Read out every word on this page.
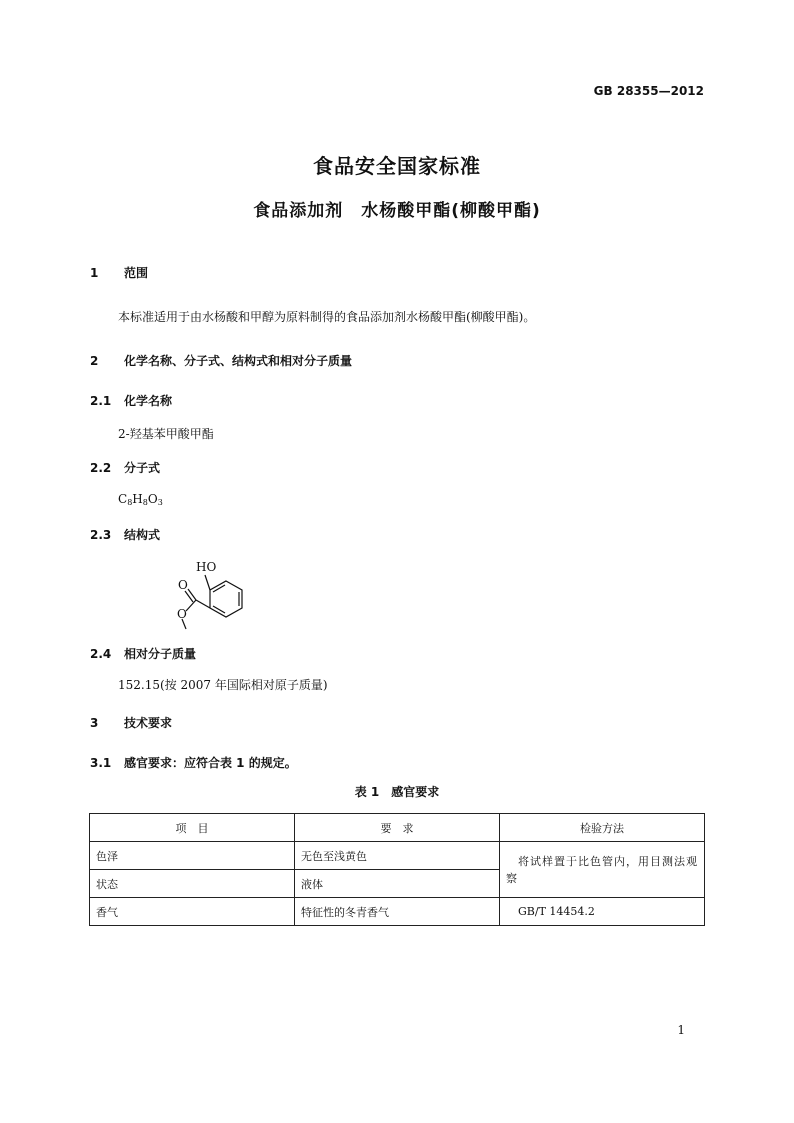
GB 28355—2012
食品安全国家标准
食品添加剂　水杨酸甲酯(柳酸甲酯)
1 范围
本标准适用于由水杨酸和甲醇为原料制得的食品添加剂水杨酸甲酯(柳酸甲酯)。
2 化学名称、分子式、结构式和相对分子质量
2.1 化学名称
2-羟基苯甲酸甲酯
2.2 分子式
$C_8H_8O_3$
2.3 结构式
HO
O
O
2.4 相对分子质量
152.15(按 2007 年国际相对原子质量)
3 技术要求
3.1 感官要求：应符合表 1 的规定。
表 1　感官要求
项　目	要　求	检验方法
色泽	无色至浅黄色	将试样置于比色管内，用目测法观察

状态	液体	
香气	特征性的冬青香气	GB/T 14454.2
1
